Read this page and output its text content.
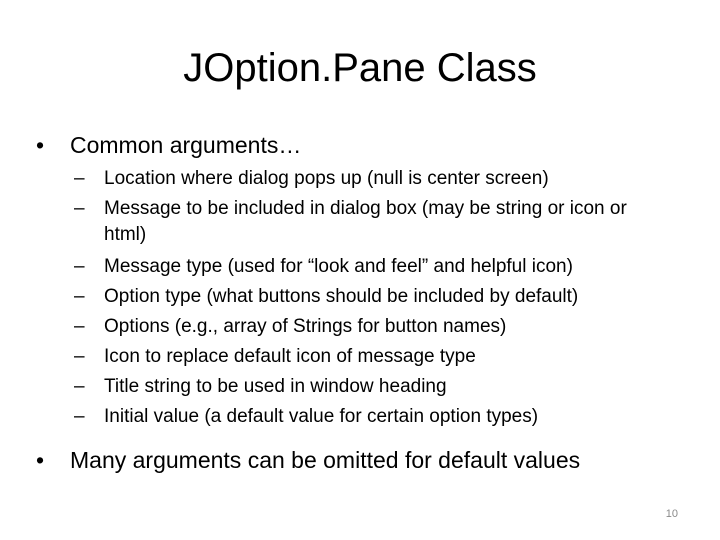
JOption.Pane Class
•	Common arguments…
–	Location where dialog pops up (null is center screen)
–	Message to be included in dialog box (may be string or icon or html)
–	Message type (used for “look and feel” and helpful icon)
–	Option type (what buttons should be included by default)
–	Options (e.g., array of Strings for button names)
–	Icon to replace default icon of message type
–	Title string to be used in window heading
–	Initial value (a default value for certain option types)
•	Many arguments can be omitted for default values
10
